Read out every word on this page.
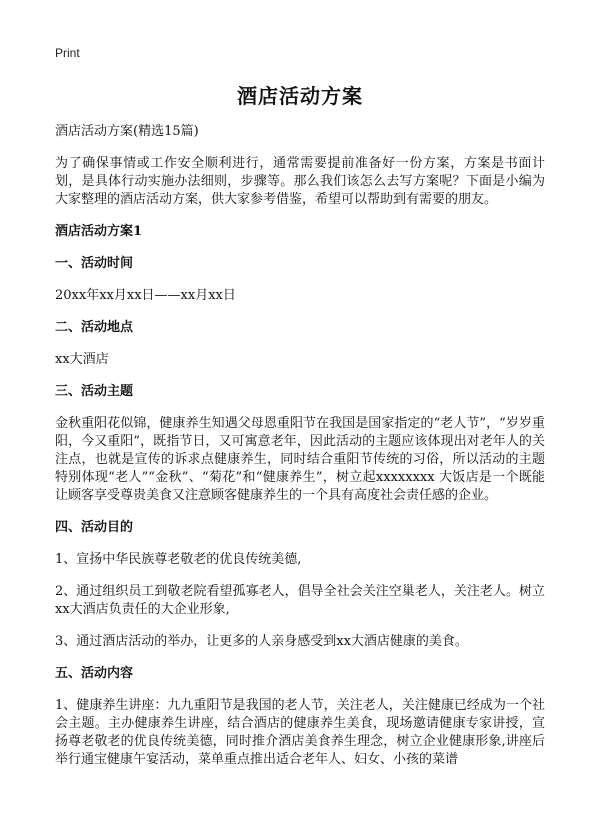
Print
酒店活动方案

酒店活动方案(精选15篇)

为了确保事情或工作安全顺利进行，通常需要提前准备好一份方案，方案是书面计划，是具体行动实施办法细则，步骤等。那么我们该怎么去写方案呢？下面是小编为大家整理的酒店活动方案，供大家参考借鉴，希望可以帮助到有需要的朋友。

酒店活动方案1

一、活动时间

20xx年xx月xx日——xx月xx日

二、活动地点

xx大酒店

三、活动主题

金秋重阳花似锦，健康养生知遇父母恩重阳节在我国是国家指定的“老人节”，“岁岁重阳，今又重阳”，既指节日，又可寓意老年，因此活动的主题应该体现出对老年人的关注点，也就是宣传的诉求点健康养生，同时结合重阳节传统的习俗，所以活动的主题特别体现“老人”“金秋”、“菊花”和“健康养生”，树立起xxxxxxxx 大饭店是一个既能让顾客享受尊贵美食又注意顾客健康养生的一个具有高度社会责任感的企业。

四、活动目的

1、宣扬中华民族尊老敬老的优良传统美德,

2、通过组织员工到敬老院看望孤寡老人，倡导全社会关注空巢老人，关注老人。树立xx大酒店负责任的大企业形象,

3、通过酒店活动的举办，让更多的人亲身感受到xx大酒店健康的美食。

五、活动内容

1、健康养生讲座：九九重阳节是我国的老人节，关注老人，关注健康已经成为一个社会主题。主办健康养生讲座，结合酒店的健康养生美食，现场邀请健康专家讲授，宣扬尊老敬老的优良传统美德，同时推介酒店美食养生理念，树立企业健康形象,讲座后举行通宝健康午宴活动，菜单重点推出适合老年人、妇女、小孩的菜谱
